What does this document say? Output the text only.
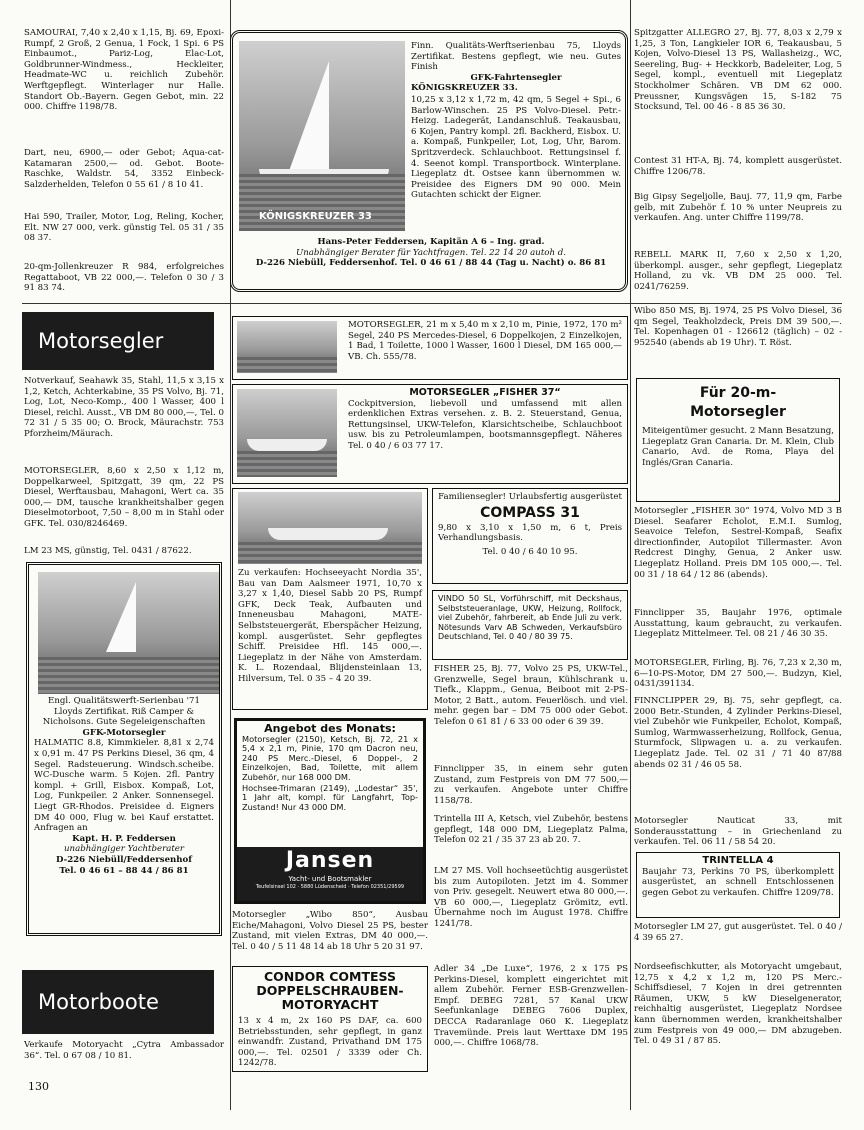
SAMOURAI, 7,40 x 2,40 x 1,15, Bj. 69, Epoxi-Rumpf, 2 Groß, 2 Genua, 1 Fock, 1 Spi. 6 PS Einbaumot., Pariz-Log, Elac-Lot, Goldbrunner-Windmess., Heckleiter, Headmate-WC u. reichlich Zubehör. Werftgepflegt. Winterlager nur Halle. Standort Ob.-Bayern. Gegen Gebot, min. 22 000. Chiffre 1198/78.
Dart, neu, 6900,— oder Gebot; Aqua-cat-Katamaran 2500,— od. Gebot. Boote-Raschke, Waldstr. 54, 3352 Einbeck-Salzderhelden, Telefon 0 55 61 / 8 10 41.
Hai 590, Trailer, Motor, Log, Reling, Kocher, Elt. NW 27 000, verk. günstig Tel. 05 31 / 35 08 37.
20-qm-Jollenkreuzer R 984, erfolgreiches Regattaboot, VB 22 000,—. Telefon 0 30 / 3 91 83 74.
Motorsegler
Notverkauf, Seahawk 35, Stahl, 11,5 x 3,15 x 1,2, Ketch, Achterkabine, 35 PS Volvo, Bj. 71, Log, Lot, Neco-Komp., 400 l Wasser, 400 l Diesel, reichl. Ausst., VB DM 80 000,—, Tel. 0 72 31 / 5 35 00; O. Brock, Mäurachstr. 753 Pforzheim/Mäurach.
MOTORSEGLER, 8,60 x 2,50 x 1,12 m, Doppelkarweel, Spitzgatt, 39 qm, 22 PS Diesel, Werftausbau, Mahagoni, Wert ca. 35 000,— DM, tausche krankheitshalber gegen Dieselmotorboot, 7,50 – 8,00 m in Stahl oder GFK. Tel. 030/8246469.
LM 23 MS, günstig, Tel. 0431 / 87622.
Engl. Qualitätswerft-Serienbau '71 Lloyds Zertifikat. Riß Camper & Nicholsons. Gute Segeleigenschaften
GFK-Motorsegler
HALMATIC 8.8, Kimmkieler. 8,81 x 2,74 x 0,91 m. 47 PS Perkins Diesel, 36 qm, 4 Segel. Radsteuerung. Windsch.scheibe. WC-Dusche warm. 5 Kojen. 2fl. Pantry kompl. + Grill, Eisbox. Kompaß, Lot, Log, Funkpeiler. 2 Anker. Sonnensegel. Liegt GR-Rhodos. Preisidee d. Eigners DM 40 000, Flug w. bei Kauf erstattet. Anfragen an
Kapt. H. P. Feddersen
unabhängiger Yachtberater
D-226 Niebüll/Feddersenhof
Tel. 0 46 61 – 88 44 / 86 81
Motorboote
Verkaufe Motoryacht „Cytra Ambassador 36“. Tel. 0 67 08 / 10 81.
130
KÖNIGSKREUZER 33
Finn. Qualitäts-Werftserienbau 75, Lloyds Zertifikat. Bestens gepflegt, wie neu. Gutes Finish
GFK-Fahrtensegler
KÖNIGSKREUZER 33.
10,25 x 3,12 x 1,72 m, 42 qm, 5 Segel + Spi., 6 Barlow-Winschen. 25 PS Volvo-Diesel. Petr.-Heizg. Ladegerät, Landanschluß. Teakausbau, 6 Kojen, Pantry kompl. 2fl. Backherd, Eisbox. U. a. Kompaß, Funkpeiler, Lot, Log, Uhr, Barom. Spritzverdeck. Schlauchboot. Rettungsinsel f. 4. Seenot kompl. Transportbock. Winterplane. Liegeplatz dt. Ostsee kann übernommen w. Preisidee des Eigners DM 90 000. Mein Gutachten schickt der Eigner.
Hans-Peter Feddersen, Kapitän A 6 – Ing. grad.
Unabhängiger Berater für Yachtfragen. Tel. 22 14 20 autoh d.
D-226 Niebüll, Feddersenhof. Tel. 0 46 61 / 88 44 (Tag u. Nacht) o. 86 81
MOTORSEGLER, 21 m x 5,40 m x 2,10 m, Pinie, 1972, 170 m² Segel, 240 PS Mercedes-Diesel, 6 Doppelkojen, 2 Einzelkojen, 1 Bad, 1 Toilette, 1000 l Wasser, 1600 l Diesel, DM 165 000,— VB. Ch. 555/78.
MOTORSEGLER „FISHER 37“
Cockpitversion, liebevoll und umfassend mit allen erdenklichen Extras versehen. z. B. 2. Steuerstand, Genua, Rettungsinsel, UKW-Telefon, Klarsichtscheibe, Schlauchboot usw. bis zu Petroleumlampen, bootsmannsgepflegt. Näheres Tel. 0 40 / 6 03 77 17.
Zu verkaufen: Hochseeyacht Nordia 35', Bau van Dam Aalsmeer 1971, 10,70 x 3,27 x 1,40, Diesel Sabb 20 PS, Rumpf GFK, Deck Teak, Aufbauten und Inneneusbau Mahagoni, MATE-Selbststeuergerät, Eberspächer Heizung, kompl. ausgerüstet. Sehr gepflegtes Schiff. Preisidee Hfl. 145 000,—. Liegeplatz in der Nähe von Amsterdam. K. L. Rozendaal, Blijdensteinlaan 13, Hilversum, Tel. 0 35 – 4 20 39.
Angebot des Monats:
Motorsegler (2150), Ketsch, Bj. 72, 21 x 5,4 x 2,1 m, Pinie, 170 qm Dacron neu, 240 PS Merc.-Diesel, 6 Doppel-, 2 Einzelkojen, Bad, Toilette, mit allem Zubehör, nur 168 000 DM.
Hochsee-Trimaran (2149), „Lodestar“ 35', 1 Jahr alt, kompl. für Langfahrt, Top-Zustand! Nur 43 000 DM.
Jansen
Yacht- und Bootsmakler
Teufelsinsel 102 · 5880 Lüdenscheid · Telefon 02351/29599
Motorsegler „Wibo 850“, Ausbau Eiche/Mahagoni, Volvo Diesel 25 PS, bester Zustand, mit vielen Extras, DM 40 000,—. Tel. 0 40 / 5 11 48 14 ab 18 Uhr 5 20 31 97.
CONDOR COMTESS DOPPELSCHRAUBEN-MOTORYACHT
13 x 4 m, 2x 160 PS DAF, ca. 600 Betriebsstunden, sehr gepflegt, in ganz einwandfr. Zustand, Privathand DM 175 000,—. Tel. 02501 / 3339 oder Ch. 1242/78.
Familiensegler! Urlaubsfertig ausgerüstet
COMPASS 31
9,80 x 3,10 x 1,50 m, 6 t, Preis Verhandlungsbasis.
Tel. 0 40 / 6 40 10 95.
VINDO 50 SL, Vorführschiff, mit Deckshaus, Selbststeueranlage, UKW, Heizung, Rollfock, viel Zubehör, fahrbereit, ab Ende Juli zu verk. Nötesunds Varv AB Schweden, Verkaufsbüro Deutschland, Tel. 0 40 / 80 39 75.
FISHER 25, Bj. 77, Volvo 25 PS, UKW-Tel., Grenzwelle, Segel braun, Kühlschrank u. Tiefk., Klappm., Genua, Beiboot mit 2-PS-Motor, 2 Batt., autom. Feuerlösch. und viel. mehr. gegen bar – DM 75 000 oder Gebot. Telefon 0 61 81 / 6 33 00 oder 6 39 39.
Finnclipper 35, in einem sehr guten Zustand, zum Festpreis von DM 77 500,— zu verkaufen. Angebote unter Chiffre 1158/78.
Trintella III A, Ketsch, viel Zubehör, bestens gepflegt, 148 000 DM, Liegeplatz Palma, Telefon 02 21 / 35 37 23 ab 20. 7.
LM 27 MS. Voll hochseetüchtig ausgerüstet bis zum Autopiloten. Jetzt im 4. Sommer von Priv. gesegelt. Neuwert etwa 80 000,—. VB 60 000,—, Liegeplatz Grömitz, evtl. Übernahme noch im August 1978. Chiffre 1241/78.
Adler 34 „De Luxe“, 1976, 2 x 175 PS Perkins-Diesel, komplett eingerichtet mit allem Zubehör. Ferner ESB-Grenzwellen-Empf. DEBEG 7281, 57 Kanal UKW Seefunkanlage DEBEG 7606 Duplex, DECCA Radaranlage 060 K. Liegeplatz Travemünde. Preis laut Werttaxe DM 195 000,—. Chiffre 1068/78.
Spitzgatter ALLEGRO 27, Bj. 77, 8,03 x 2,79 x 1,25, 3 Ton, Langkieler IOR 6, Teakausbau, 5 Kojen, Volvo-Diesel 13 PS, Wallasheizg., WC, Seereling, Bug- + Heckkorb, Badeleiter, Log, 5 Segel, kompl., eventuell mit Liegeplatz Stockholmer Schären. VB DM 62 000. Preussner, Kungsvägen 15, S-182 75 Stocksund, Tel. 00 46 - 8 85 36 30.
Contest 31 HT-A, Bj. 74, komplett ausgerüstet. Chiffre 1206/78.
Big Gipsy Segeljolle, Bauj. 77, 11,9 qm, Farbe gelb, mit Zubehör f. 10 % unter Neupreis zu verkaufen. Ang. unter Chiffre 1199/78.
REBELL MARK II, 7,60 x 2,50 x 1,20, überkompl. ausger., sehr gepflegt, Liegeplatz Holland, zu vk. VB DM 25 000. Tel. 0241/76259.
Wibo 850 MS, Bj. 1974, 25 PS Volvo Diesel, 36 qm Segel, Teakholzdeck, Preis DM 39 500,—. Tel. Kopenhagen 01 - 126612 (täglich) – 02 - 952540 (abends ab 19 Uhr). T. Röst.
Für 20-m-Motorsegler
Miteigentümer gesucht. 2 Mann Besatzung, Liegeplatz Gran Canaria. Dr. M. Klein, Club Canario, Avd. de Roma, Playa del Inglés/Gran Canaria.
Motorsegler „FISHER 30“ 1974, Volvo MD 3 B Diesel. Seafarer Echolot, E.M.I. Sumlog, Seavoice Telefon, Sestrel-Kompaß, Seafix directionfinder, Autopilot Tillermaster. Avon Redcrest Dinghy, Genua, 2 Anker usw. Liegeplatz Holland. Preis DM 105 000,—. Tel. 00 31 / 18 64 / 12 86 (abends).
Finnclipper 35, Baujahr 1976, optimale Ausstattung, kaum gebraucht, zu verkaufen. Liegeplatz Mittelmeer. Tel. 08 21 / 46 30 35.
MOTORSEGLER, Firling, Bj. 76, 7,23 x 2,30 m, 6—10-PS-Motor, DM 27 500,—. Budzyn, Kiel, 0431/391134.
FINNCLIPPER 29, Bj. 75, sehr gepflegt, ca. 2000 Betr.-Stunden, 4 Zylinder Perkins-Diesel, viel Zubehör wie Funkpeiler, Echolot, Kompaß, Sumlog, Warmwasserheizung, Rollfock, Genua, Sturmfock, Slipwagen u. a. zu verkaufen. Liegeplatz Jade. Tel. 02 31 / 71 40 87/88 abends 02 31 / 46 05 58.
Motorsegler Nauticat 33, mit Sonderausstattung – in Griechenland zu verkaufen. Tel. 06 11 / 58 54 20.
TRINTELLA 4
Baujahr 73, Perkins 70 PS, überkomplett ausgerüstet, an schnell Entschlossenen gegen Gebot zu verkaufen. Chiffre 1209/78.
Motorsegler LM 27, gut ausgerüstet. Tel. 0 40 / 4 39 65 27.
Nordseefischkutter, als Motoryacht umgebaut, 12,75 x 4,2 x 1,2 m, 120 PS Merc.-Schiffsdiesel, 7 Kojen in drei getrennten Räumen, UKW, 5 kW Dieselgenerator, reichhaltig ausgerüstet, Liegeplatz Nordsee kann übernommen werden, krankheitshalber zum Festpreis von 49 000,— DM abzugeben. Tel. 0 49 31 / 87 85.
